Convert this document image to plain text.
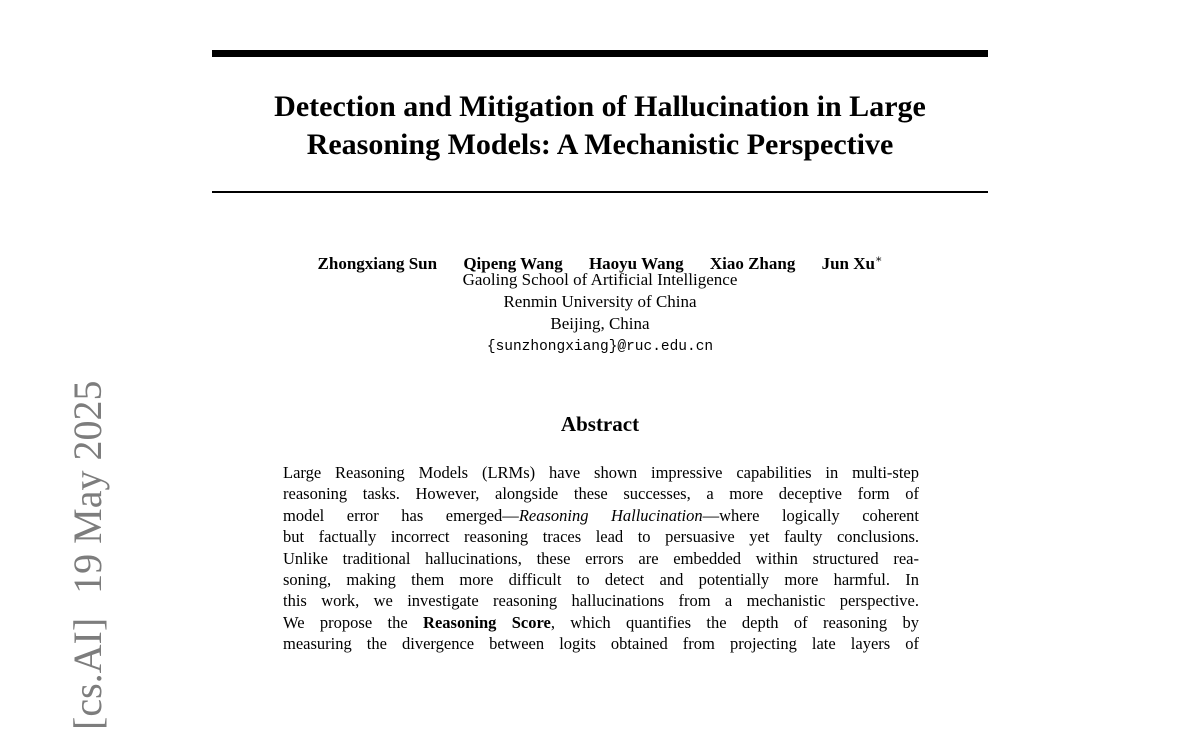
[cs.AI]19 May 2025
Detection and Mitigation of Hallucination in Large
Reasoning Models: A Mechanistic Perspective
Zhongxiang Sun Qipeng Wang Haoyu Wang Xiao Zhang Jun Xu∗
Gaoling School of Artificial Intelligence
Renmin University of China
Beijing, China
{sunzhongxiang}@ruc.edu.cn
Abstract
Large Reasoning Models (LRMs) have shown impressive capabilities in multi-step
reasoning tasks. However, alongside these successes, a more deceptive form of
model error has emerged—Reasoning Hallucination—where logically coherent
but factually incorrect reasoning traces lead to persuasive yet faulty conclusions.
Unlike traditional hallucinations, these errors are embedded within structured rea-
soning, making them more difficult to detect and potentially more harmful. In
this work, we investigate reasoning hallucinations from a mechanistic perspective.
We propose the Reasoning Score, which quantifies the depth of reasoning by
measuring the divergence between logits obtained from projecting late layers of
